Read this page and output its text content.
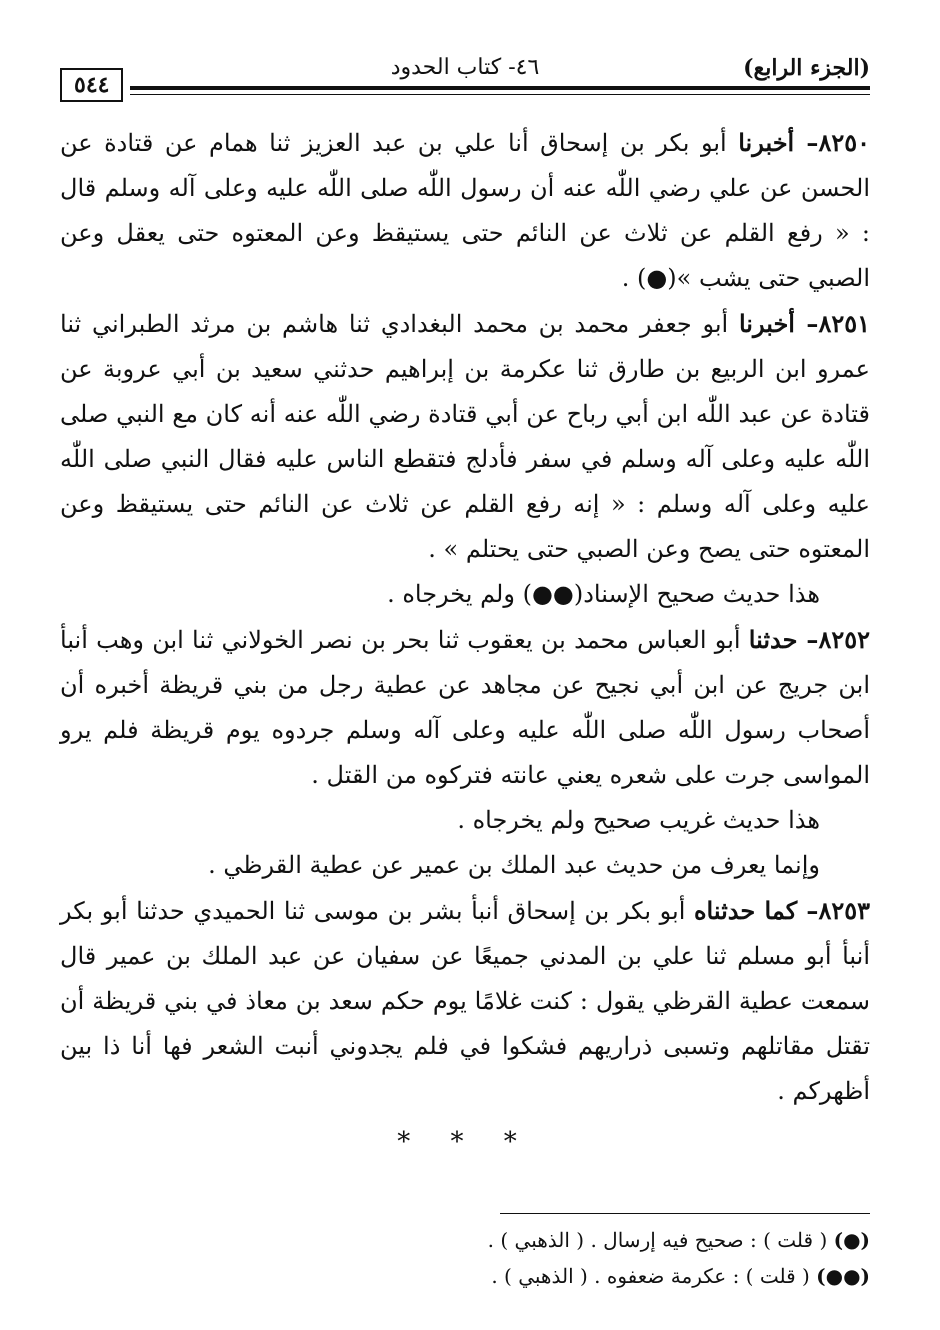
(الجزء الرابع)
٤٦- كتاب الحدود
٥٤٤

٨٢٥٠– أخبرنا أبو بكر بن إسحاق أنا علي بن عبد العزيز ثنا همام عن قتادة عن الحسن عن علي رضي اللّٰه عنه أن رسول اللّٰه صلى اللّٰه عليه وعلى آله وسلم قال : « رفع القلم عن ثلاث عن النائم حتى يستيقظ وعن المعتوه حتى يعقل وعن الصبي حتى يشب »(●) .

٨٢٥١– أخبرنا أبو جعفر محمد بن محمد البغدادي ثنا هاشم بن مرثد الطبراني ثنا عمرو ابن الربيع بن طارق ثنا عكرمة بن إبراهيم حدثني سعيد بن أبي عروبة عن قتادة عن عبد اللّٰه ابن أبي رباح عن أبي قتادة رضي اللّٰه عنه أنه كان مع النبي صلى اللّٰه عليه وعلى آله وسلم في سفر فأدلج فتقطع الناس عليه فقال النبي صلى اللّٰه عليه وعلى آله وسلم : « إنه رفع القلم عن ثلاث عن النائم حتى يستيقظ وعن المعتوه حتى يصح وعن الصبي حتى يحتلم » .

هذا حديث صحيح الإسناد(●●) ولم يخرجاه .

٨٢٥٢– حدثنا أبو العباس محمد بن يعقوب ثنا بحر بن نصر الخولاني ثنا ابن وهب أنبأ ابن جريج عن ابن أبي نجيح عن مجاهد عن عطية رجل من بني قريظة أخبره أن أصحاب رسول اللّٰه صلى اللّٰه عليه وعلى آله وسلم جردوه يوم قريظة فلم يرو المواسى جرت على شعره يعني عانته فتركوه من القتل .

هذا حديث غريب صحيح ولم يخرجاه .

وإنما يعرف من حديث عبد الملك بن عمير عن عطية القرظي .

٨٢٥٣– كما حدثناه أبو بكر بن إسحاق أنبأ بشر بن موسى ثنا الحميدي حدثنا أبو بكر أنبأ أبو مسلم ثنا علي بن المدني جميعًا عن سفيان عن عبد الملك بن عمير قال سمعت عطية القرظي يقول : كنت غلامًا يوم حكم سعد بن معاذ في بني قريظة أن تقتل مقاتلهم وتسبى ذراريهم فشكوا في فلم يجدوني أنبت الشعر فها أنا ذا بين أظهركم .

* * *

(●) ( قلت ) : صحيح فيه إرسال . ( الذهبي ) .

(●●) ( قلت ) : عكرمة ضعفوه . ( الذهبي ) .
